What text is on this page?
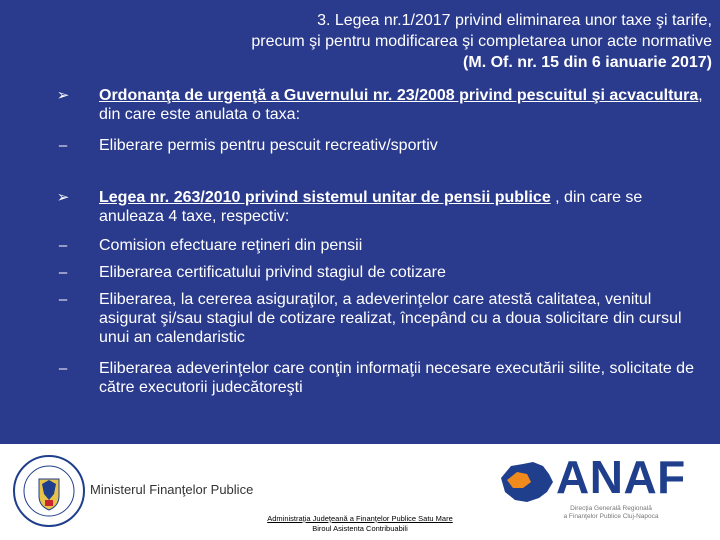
3. Legea nr.1/2017 privind eliminarea unor taxe şi tarife,
precum şi pentru modificarea şi completarea unor acte normative
(M. Of. nr. 15 din 6 ianuarie 2017)
➢ Ordonanţa de urgenţă a Guvernului nr. 23/2008 privind pescuitul şi acvacultura, din care este anulata o taxa:
– Eliberare permis pentru pescuit recreativ/sportiv
➢ Legea nr. 263/2010 privind sistemul unitar de pensii publice , din care se anuleaza 4 taxe, respectiv:
– Comision efectuare reţineri din pensii
– Eliberarea certificatului privind stagiul de cotizare
– Eliberarea, la cererea asiguraţilor, a adeverinţelor care atestă calitatea, venitul asigurat şi/sau stagiul de cotizare realizat, începând cu a doua solicitare din cursul unui an calendaristic
– Eliberarea adeverinţelor care conţin informaţii necesare executării silite, solicitate de către executorii judecătoreşti
Ministerul Finanţelor Publice	ANAF
Direcţia Generală Regională
a Finanţelor Publice Cluj-Napoca
Administraţia Judeţeană a Finanţelor Publice Satu Mare
Biroul Asistenta Contribuabili
